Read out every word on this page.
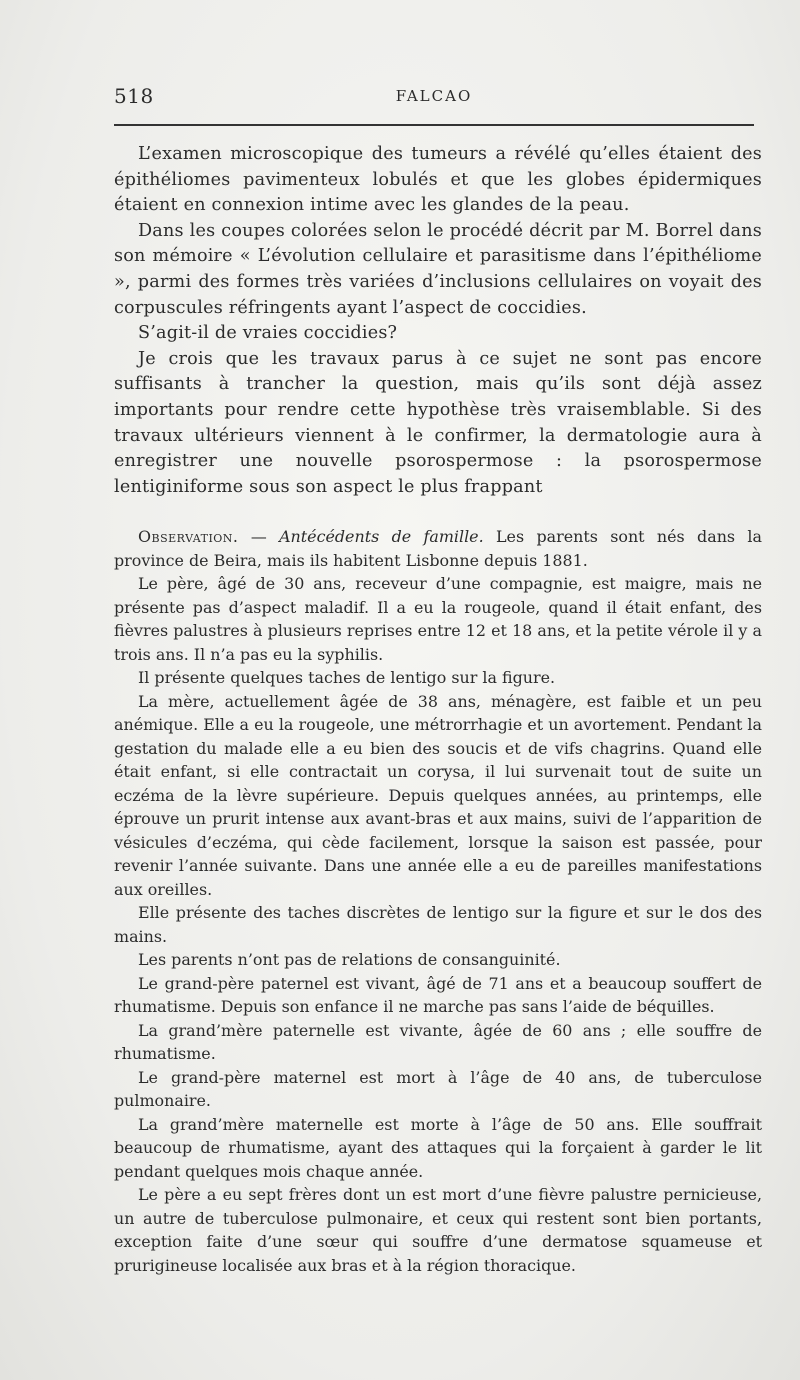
518	FALCAO

L’examen microscopique des tumeurs a révélé qu’elles étaient des épithéliomes pavimenteux lobulés et que les globes épidermiques étaient en connexion intime avec les glandes de la peau.

Dans les coupes colorées selon le procédé décrit par M. Borrel dans son mémoire « L’évolution cellulaire et parasitisme dans l’épithéliome », parmi des formes très variées d’inclusions cellulaires on voyait des corpuscules réfringents ayant l’aspect de coccidies.

S’agit-il de vraies coccidies?

Je crois que les travaux parus à ce sujet ne sont pas encore suffisants à trancher la question, mais qu’ils sont déjà assez importants pour rendre cette hypothèse très vraisemblable. Si des travaux ultérieurs viennent à le confirmer, la dermatologie aura à enregistrer une nouvelle psorospermose : la psorospermose lentiginiforme sous son aspect le plus frappant

Observation. — Antécédents de famille. Les parents sont nés dans la province de Beira, mais ils habitent Lisbonne depuis 1881.

Le père, âgé de 30 ans, receveur d’une compagnie, est maigre, mais ne présente pas d’aspect maladif. Il a eu la rougeole, quand il était enfant, des fièvres palustres à plusieurs reprises entre 12 et 18 ans, et la petite vérole il y a trois ans. Il n’a pas eu la syphilis.

Il présente quelques taches de lentigo sur la figure.

La mère, actuellement âgée de 38 ans, ménagère, est faible et un peu anémique. Elle a eu la rougeole, une métrorrhagie et un avortement. Pendant la gestation du malade elle a eu bien des soucis et de vifs chagrins. Quand elle était enfant, si elle contractait un corysa, il lui survenait tout de suite un eczéma de la lèvre supérieure. Depuis quelques années, au printemps, elle éprouve un prurit intense aux avant-bras et aux mains, suivi de l’apparition de vésicules d’eczéma, qui cède facilement, lorsque la saison est passée, pour revenir l’année suivante. Dans une année elle a eu de pareilles manifestations aux oreilles.

Elle présente des taches discrètes de lentigo sur la figure et sur le dos des mains.

Les parents n’ont pas de relations de consanguinité.

Le grand-père paternel est vivant, âgé de 71 ans et a beaucoup souffert de rhumatisme. Depuis son enfance il ne marche pas sans l’aide de béquilles.

La grand’mère paternelle est vivante, âgée de 60 ans ; elle souffre de rhumatisme.

Le grand-père maternel est mort à l’âge de 40 ans, de tuberculose pulmonaire.

La grand’mère maternelle est morte à l’âge de 50 ans. Elle souffrait beaucoup de rhumatisme, ayant des attaques qui la forçaient à garder le lit pendant quelques mois chaque année.

Le père a eu sept frères dont un est mort d’une fièvre palustre pernicieuse, un autre de tuberculose pulmonaire, et ceux qui restent sont bien portants, exception faite d’une sœur qui souffre d’une dermatose squameuse et prurigineuse localisée aux bras et à la région thoracique.
